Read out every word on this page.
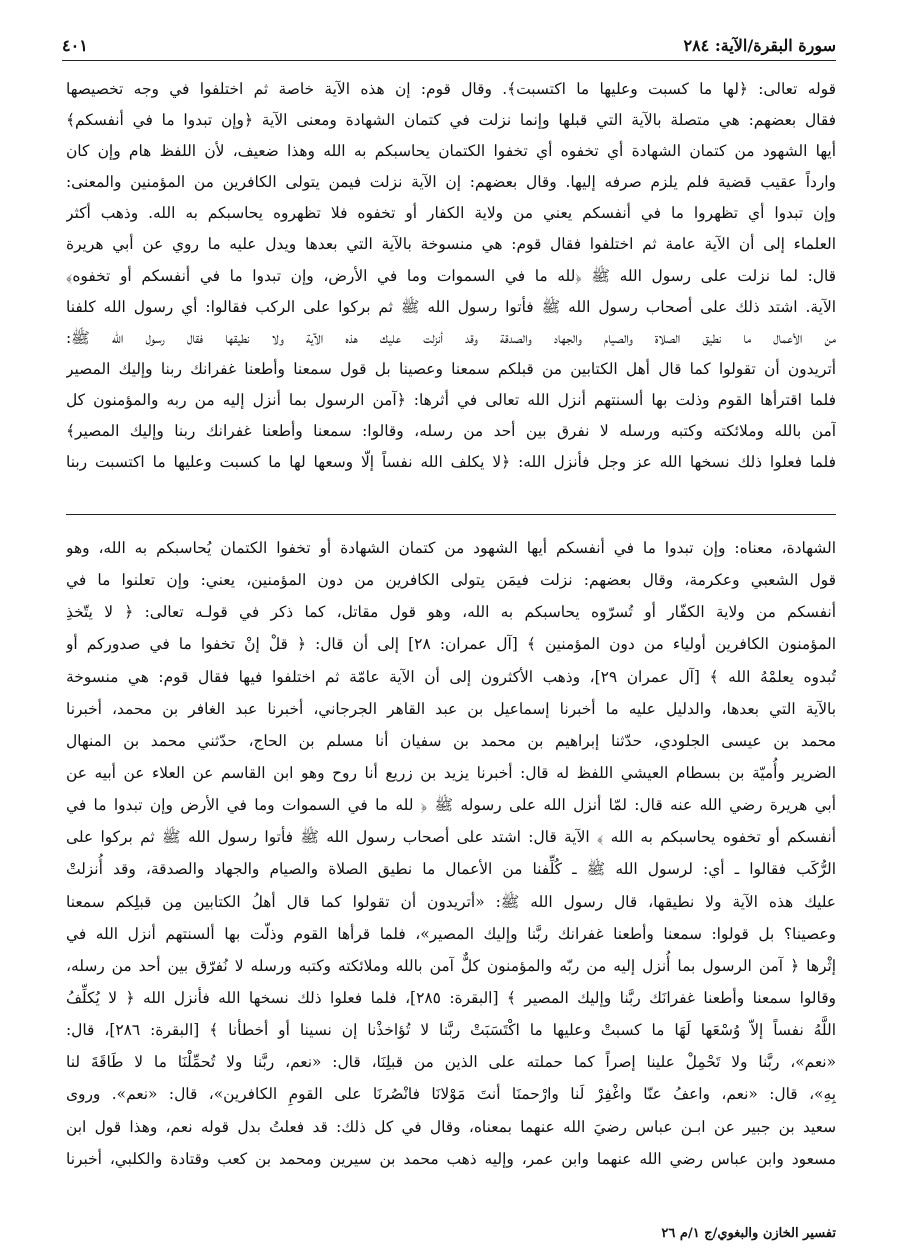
سورة البقرة/الآية: ٢٨٤
٤٠١
قوله تعالى: ﴿لها ما كسبت وعليها ما اكتسبت﴾. وقال قوم: إن هذه الآية خاصة ثم اختلفوا في وجه تخصيصها
فقال بعضهم: هي متصلة بالآية التي قبلها وإنما نزلت في كتمان الشهادة ومعنى الآية ﴿وإن تبدوا ما في أنفسكم﴾
أيها الشهود من كتمان الشهادة أي تخفوه أي تخفوا الكتمان يحاسبكم به الله وهذا ضعيف، لأن اللفظ هام وإن كان
وارداً عقيب قضية فلم يلزم صرفه إليها. وقال بعضهم: إن الآية نزلت فيمن يتولى الكافرين من المؤمنين والمعنى:
وإن تبدوا أي تظهروا ما في أنفسكم يعني من ولاية الكفار أو تخفوه فلا تظهروه يحاسبكم به الله. وذهب أكثر
العلماء إلى أن الآية عامة ثم اختلفوا فقال قوم: هي منسوخة بالآية التي بعدها ويدل عليه ما روي عن أبي هريرة
قال: لما نزلت على رسول الله ﷺ ﴿لله ما في السموات وما في الأرض، وإن تبدوا ما في أنفسكم أو تخفوه﴾
الآية. اشتد ذلك على أصحاب رسول الله ﷺ فأتوا رسول الله ﷺ ثم بركوا على الركب فقالوا: أي رسول الله كلفنا
من الأعمال ما نطيق الصلاة والصيام والجهاد والصدقة وقد أنزلت عليك هذه الآية ولا نطيقها فقال رسول الله ﷺ:
أتريدون أن تقولوا كما قال أهل الكتابين من قبلكم سمعنا وعصينا بل قول سمعنا وأطعنا غفرانك ربنا وإليك المصير
فلما اقترأها القوم وذلت بها ألسنتهم أنزل الله تعالى في أثرها: ﴿آمن الرسول بما أنزل إليه من ربه والمؤمنون كل
آمن بالله وملائكته وكتبه ورسله لا نفرق بين أحد من رسله، وقالوا: سمعنا وأطعنا غفرانك ربنا وإليك المصير﴾
فلما فعلوا ذلك نسخها الله عز وجل فأنزل الله: ﴿لا يكلف الله نفساً إلّا وسعها لها ما كسبت وعليها ما اكتسبت ربنا
الشهادة، معناه: وإن تبدوا ما في أنفسكم أيها الشهود من كتمان الشهادة أو تخفوا الكتمان يُحاسبكم به الله، وهو
قول الشعبي وعكرمة، وقال بعضهم: نزلت فيمَن يتولى الكافرين من دون المؤمنين، يعني: وإن تعلنوا ما في
أنفسكم من ولاية الكفّار أو تُسرّوه يحاسبكم به الله، وهو قول مقاتل، كما ذكر في قولـه تعالى: ﴿ لا يتّخذِ
المؤمنون الكافرين أولياء من دون المؤمنين ﴾ [آل عمران: ٢٨] إلى أن قال: ﴿ قلْ إنْ تخفوا ما في صدوركم أو
تُبدوه يعلمْهُ الله ﴾ [آل عمران ٢٩]، وذهب الأكثرون إلى أن الآية عامّة ثم اختلفوا فيها فقال قوم: هي منسوخة
بالآية التي بعدها، والدليل عليه ما أخبرنا إسماعيل بن عبد القاهر الجرجاني، أخبرنا عبد الغافر بن محمد، أخبرنا
محمد بن عيسى الجلودي، حدّثنا إبراهيم بن محمد بن سفيان أنا مسلم بن الحاج، حدّثني محمد بن المنهال
الضرير وأُميّة بن بسطام العيشي اللفظ له قال: أخبرنا يزيد بن زريع أنا روح وهو ابن القاسم عن العلاء عن أبيه عن
أبي هريرة رضي الله عنه قال: لمّا أنزل الله على رسوله ﷺ ﴿ لله ما في السموات وما في الأرض وإن تبدوا ما في
أنفسكم أو تخفوه يحاسبكم به الله ﴾ الآية قال: اشتد على أصحاب رسول الله ﷺ فأتوا رسول الله ﷺ ثم بركوا على
الرُّكَب فقالوا ـ أي: لرسول الله ﷺ ـ كُلِّفنا من الأعمال ما نطيق الصلاة والصيام والجهاد والصدقة، وقد أُنزلتْ
عليك هذه الآية ولا نطيقها، قال رسول الله ﷺ: «أتريدون أن تقولوا كما قال أهلُ الكتابين مِن قبلِكم سمعنا
وعصينا؟ بل قولوا: سمعنا وأطعنا غفرانك ربَّنا وإليك المصير»، فلما قرأها القوم وذلّت بها ألسنتهم أنزل الله في
إثْرها ﴿ آمن الرسول بما أُنزل إليه من ربّه والمؤمنون كلٌّ آمن بالله وملائكته وكتبه ورسله لا نُفرّق بين أحد من رسله،
وقالوا سمعنا وأطعنا غفرانَك ربَّنا وإليك المصير ﴾ [البقرة: ٢٨٥]، فلما فعلوا ذلك نسخها الله فأنزل الله ﴿ لا يُكلِّفُ
اللَّهُ نفساً إلاّ وُسْعَها لَهَا ما كسبتْ وعليها ما اكْتَسَبَتْ ربَّنا لا تُؤاخذْنا إن نسينا أو أخطأنا ﴾ [البقرة: ٢٨٦]، قال:
«نعم»، ربَّنا ولا تَحْمِلْ علينا إصراً كما حملته على الذين من قبلِنَا، قال: «نعم، ربَّنا ولا تُحمِّلْنَا ما لا طَاقَةَ لنا
بِهِ»، قال: «نعم، واعفُ عنّا واغْفِرْ لَنا وارْحمنَا أنتَ مَوْلانَا فانْصُرنَا على القومِ الكافرين»، قال: «نعم». وروى
سعيد بن جبير عن ابـن عباس رضيَ الله عنهما بمعناه، وقال في كل ذلك: قد فعلتُ بدل قوله نعم، وهذا قول ابن
مسعود وابن عباس رضي الله عنهما وابن عمر، وإليه ذهب محمد بن سيرين ومحمد بن كعب وقتادة والكلبي، أخبرنا
تفسير الخازن والبغوي/ج ١/م ٢٦
